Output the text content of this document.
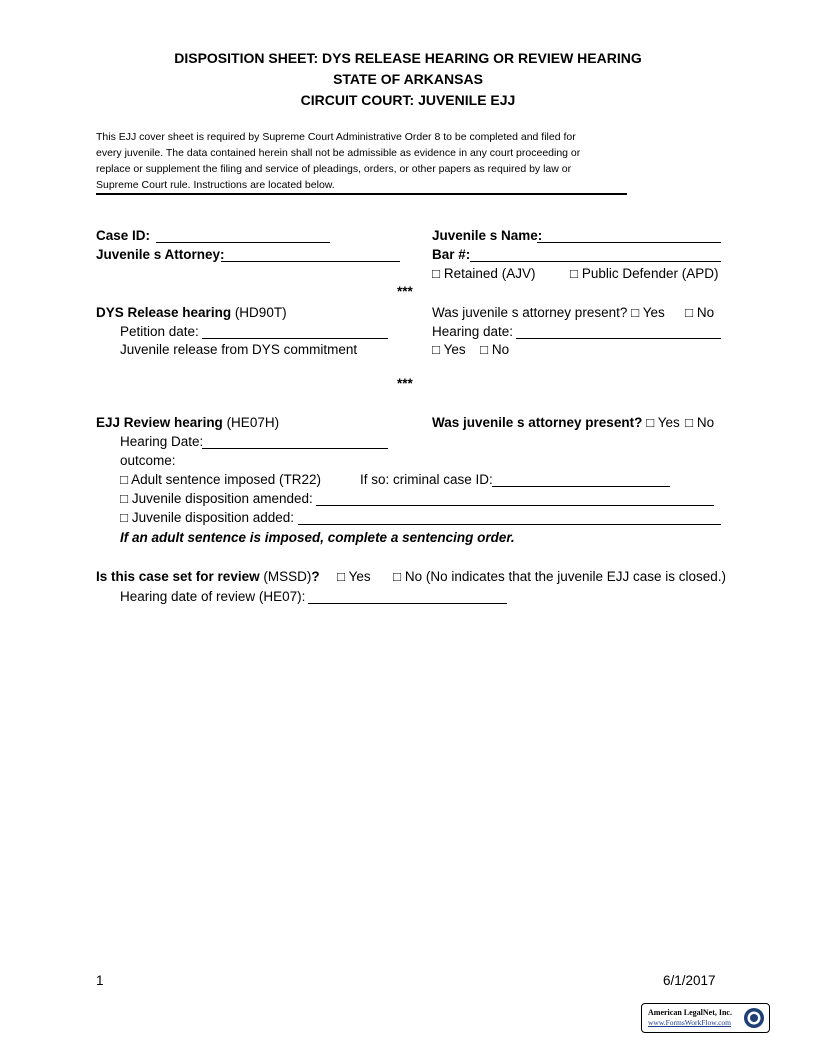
DISPOSITION SHEET: DYS RELEASE HEARING OR REVIEW HEARING
STATE OF ARKANSAS
CIRCUIT COURT: JUVENILE EJJ
This EJJ cover sheet is required by Supreme Court Administrative Order 8 to be completed and filed for
every juvenile. The data contained herein shall not be admissible as evidence in any court proceeding or
replace or supplement the filing and service of pleadings, orders, or other papers as required by law or
Supreme Court rule. Instructions are located below.
Case ID:	Juvenile s Name:
Juvenile s Attorney:	Bar #:
□ Retained (AJV)	□ Public Defender (APD)
***
DYS Release hearing (HD90T)	Was juvenile s attorney present? □ Yes □ No
Petition date:	Hearing date:
Juvenile release from DYS commitment	□ Yes □ No
***
EJJ Review hearing (HE07H)	Was juvenile s attorney present? □ Yes □ No
Hearing Date:
outcome:
□ Adult sentence imposed (TR22)	If so: criminal case ID:
□ Juvenile disposition amended:
□ Juvenile disposition added:
If an adult sentence is imposed, complete a sentencing order.
Is this case set for review (MSSD)? □ Yes □ No (No indicates that the juvenile EJJ case is closed.)
Hearing date of review (HE07):
1	6/1/2017
American LegalNet, Inc.
www.FormsWorkFlow.com
